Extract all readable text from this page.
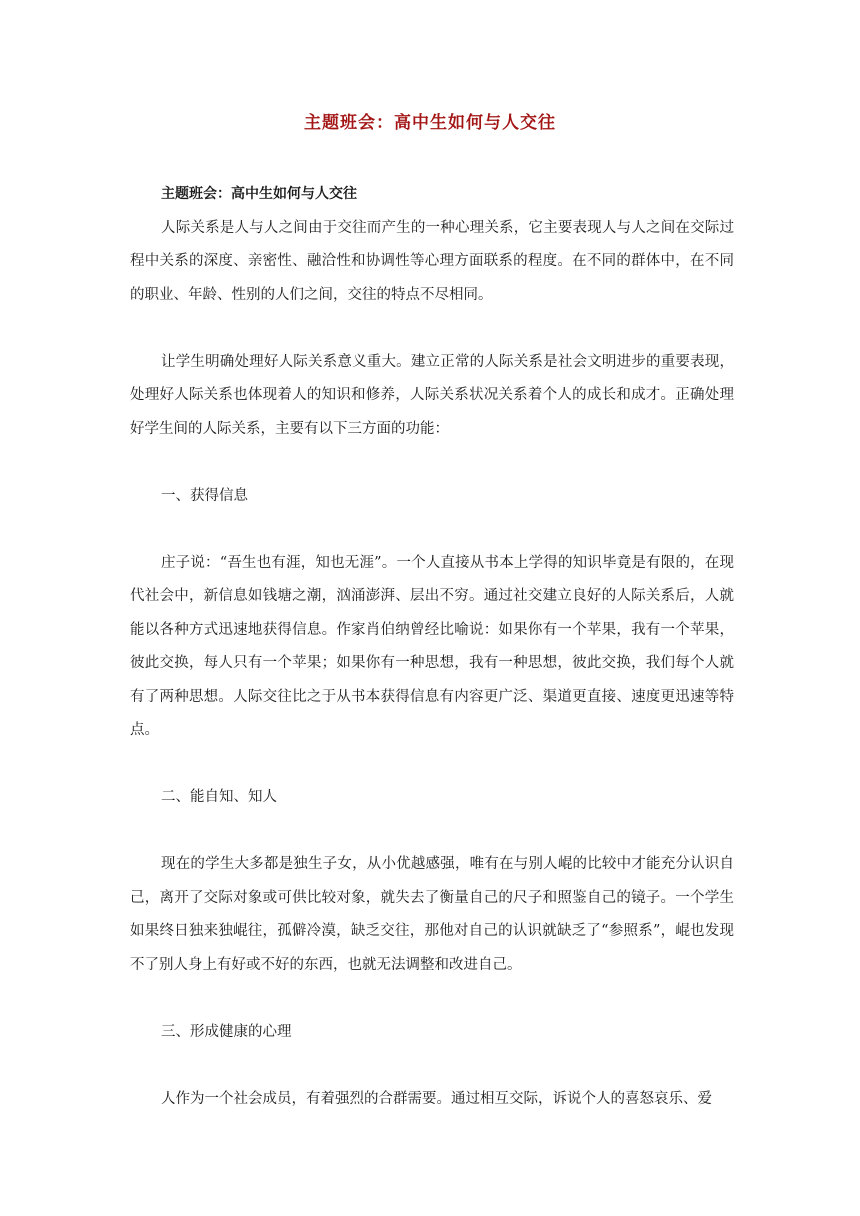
主题班会：高中生如何与人交往
主题班会：高中生如何与人交往

人际关系是人与人之间由于交往而产生的一种心理关系，它主要表现人与人之间在交际过程中关系的深度、亲密性、融洽性和协调性等心理方面联系的程度。在不同的群体中，在不同的职业、年龄、性别的人们之间，交往的特点不尽相同。

让学生明确处理好人际关系意义重大。建立正常的人际关系是社会文明进步的重要表现，处理好人际关系也体现着人的知识和修养，人际关系状况关系着个人的成长和成才。正确处理好学生间的人际关系，主要有以下三方面的功能：

一、获得信息

庄子说：“吾生也有涯，知也无涯”。一个人直接从书本上学得的知识毕竟是有限的，在现代社会中，新信息如钱塘之潮，汹涌澎湃、层出不穷。通过社交建立良好的人际关系后，人就能以各种方式迅速地获得信息。作家肖伯纳曾经比喻说：如果你有一个苹果，我有一个苹果，彼此交换，每人只有一个苹果；如果你有一种思想，我有一种思想，彼此交换，我们每个人就有了两种思想。人际交往比之于从书本获得信息有内容更广泛、渠道更直接、速度更迅速等特点。

二、能自知、知人

现在的学生大多都是独生子女，从小优越感强，唯有在与别人崐的比较中才能充分认识自己，离开了交际对象或可供比较对象，就失去了衡量自己的尺子和照鉴自己的镜子。一个学生如果终日独来独崐往，孤僻冷漠，缺乏交往，那他对自己的认识就缺乏了“参照系”，崐也发现不了别人身上有好或不好的东西，也就无法调整和改进自己。

三、形成健康的心理

人作为一个社会成员，有着强烈的合群需要。通过相互交际，诉说个人的喜怒哀乐、爱
